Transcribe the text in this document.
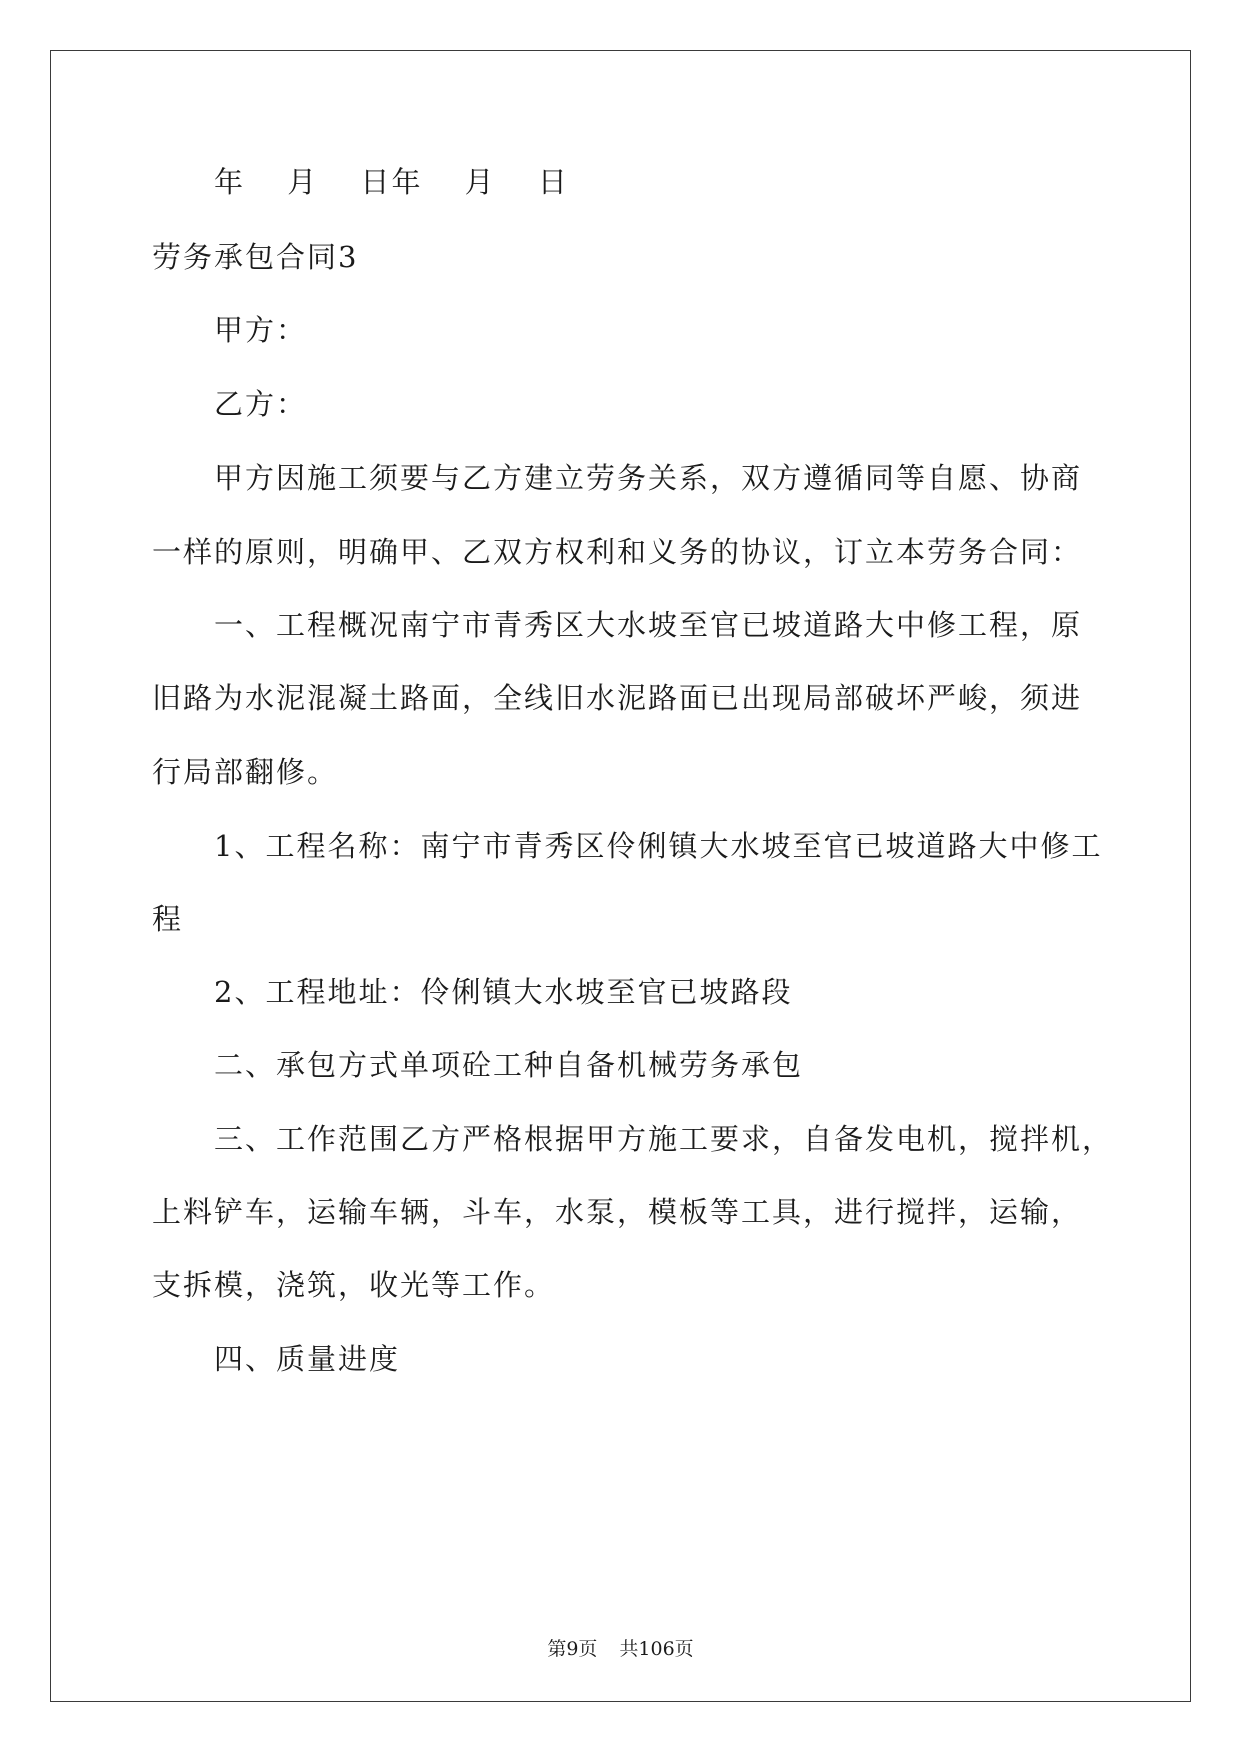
年　 月　 日年　 月　 日
劳务承包合同3
甲方：
乙方：
甲方因施工须要与乙方建立劳务关系，双方遵循同等自愿、协商
一样的原则，明确甲、乙双方权利和义务的协议，订立本劳务合同：
一、工程概况南宁市青秀区大水坡至官已坡道路大中修工程，原
旧路为水泥混凝土路面，全线旧水泥路面已出现局部破坏严峻，须进
行局部翻修。
1、工程名称：南宁市青秀区伶俐镇大水坡至官已坡道路大中修工
程
2、工程地址：伶俐镇大水坡至官已坡路段
二、承包方式单项砼工种自备机械劳务承包
三、工作范围乙方严格根据甲方施工要求，自备发电机，搅拌机，
上料铲车，运输车辆，斗车，水泵，模板等工具，进行搅拌，运输，
支拆模，浇筑，收光等工作。
四、质量进度
第9页 共106页
